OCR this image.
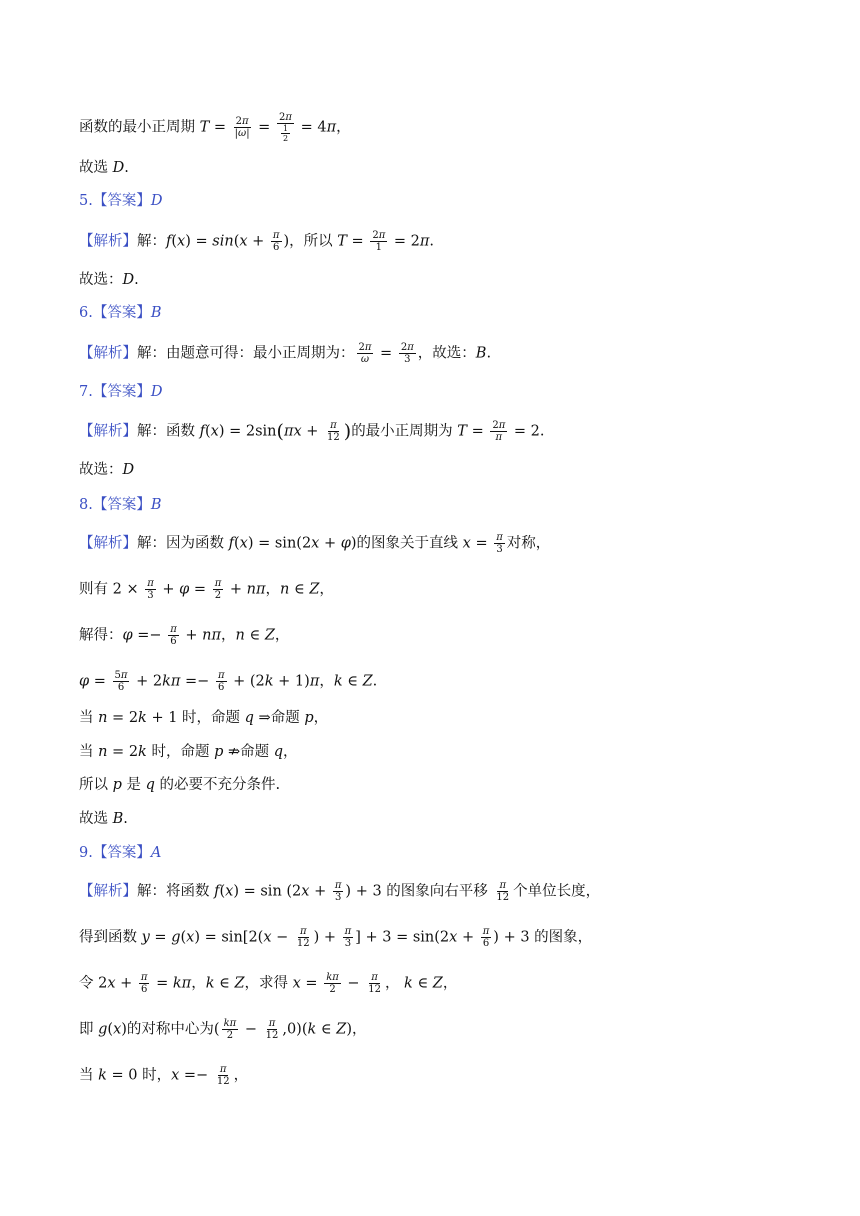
函数的最小正周期 $T = \frac{2\pi}{|\omega|} = \frac{2\pi}{\frac{1}{2}} = 4\pi$，
故选 D.
5.【答案】D
【解析】解：$f(x) = \sin(x + \frac{\pi}{6}$ )，所以 $T = \frac{2\pi}{1} = 2\pi$.
故选：D.
6.【答案】B
【解析】解：由题意可得：最小正周期为： $\frac{2\pi}{\omega} = \frac{2\pi}{3}$ ，故选：B.
7.【答案】D
【解析】解：函数 $f(x) = 2\sin(\pi x + \frac{\pi}{12}$ )的最小正周期为 $T = \frac{2\pi}{\pi} = 2$.
故选：D
8.【答案】B
【解析】解：因为函数 f(x) = sin(2x + φ)的图象关于直线 $x = \frac{\pi}{3}$ 对称，
则有 $2 \times \frac{\pi}{3} + \varphi = \frac{\pi}{2} + n\pi$，n ∈ Z，
解得：$\varphi =- \frac{\pi}{6} + n\pi$，n ∈ Z，
$\varphi = \frac{5\pi}{6} + 2k\pi =- \frac{\pi}{6} + (2k + 1)\pi$，k ∈ Z.
当 n = 2k + 1 时，命题 q ⇒命题 p，
当 n = 2k 时，命题 p ⇏命题 q，
所以 p 是 q 的必要不充分条件.
故选 B.
9.【答案】A
【解析】解：将函数 $f(x) = \sin (2x + \frac{\pi}{3}$ ) + 3 的图象向右平移 $\frac{\pi}{12}$ 个单位长度，
得到函数 $y = g(x) = \sin[2(x - \frac{\pi}{12}$ ) + $\frac{\pi}{3}$ ] + $3 = \sin(2x + \frac{\pi}{6}$ ) + 3 的图象，
令 $2x + \frac{\pi}{6} = k\pi$，k ∈ Z，求得 $x = \frac{k\pi}{2} - \frac{\pi}{12}$ ， k ∈ Z，
即 g(x)的对称中心为( $\frac{k\pi}{2} - \frac{\pi}{12} ,0)(k$ ∈ Z)，
当 k = 0 时，$x =- \frac{\pi}{12}$ ，
